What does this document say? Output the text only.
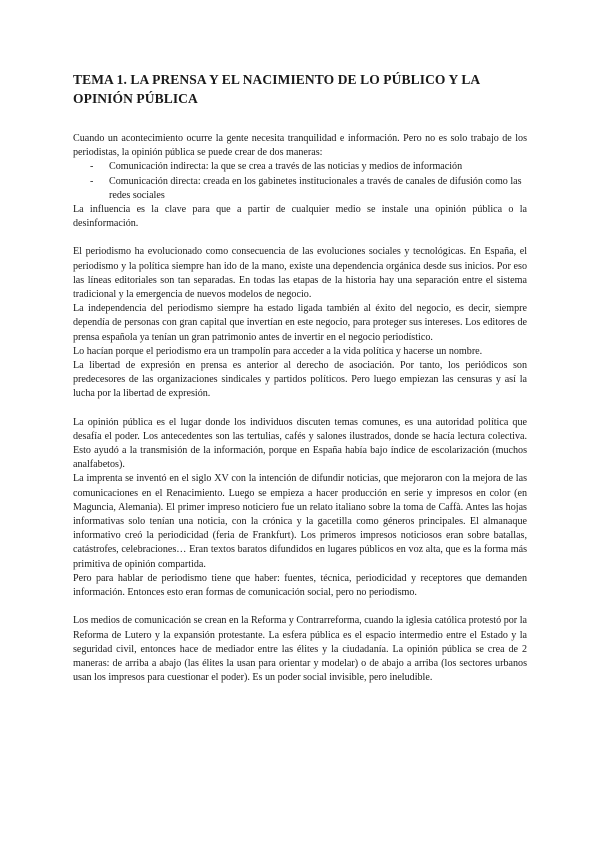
TEMA 1. LA PRENSA Y EL NACIMIENTO DE LO PÚBLICO Y LA OPINIÓN PÚBLICA

Cuando un acontecimiento ocurre la gente necesita tranquilidad e información. Pero no es solo trabajo de los periodistas, la opinión pública se puede crear de dos maneras:

- Comunicación indirecta: la que se crea a través de las noticias y medios de información
- Comunicación directa: creada en los gabinetes institucionales a través de canales de difusión como las redes sociales

La influencia es la clave para que a partir de cualquier medio se instale una opinión pública o la desinformación.

El periodismo ha evolucionado como consecuencia de las evoluciones sociales y tecnológicas. En España, el periodismo y la política siempre han ido de la mano, existe una dependencia orgánica desde sus inicios. Por eso las líneas editoriales son tan separadas. En todas las etapas de la historia hay una separación entre el sistema tradicional y la emergencia de nuevos modelos de negocio.

La independencia del periodismo siempre ha estado ligada también al éxito del negocio, es decir, siempre dependía de personas con gran capital que invertían en este negocio, para proteger sus intereses. Los editores de prensa española ya tenían un gran patrimonio antes de invertir en el negocio periodístico.

Lo hacían porque el periodismo era un trampolín para acceder a la vida política y hacerse un nombre.

La libertad de expresión en prensa es anterior al derecho de asociación. Por tanto, los periódicos son predecesores de las organizaciones sindicales y partidos políticos. Pero luego empiezan las censuras y así la lucha por la libertad de expresión.

La opinión pública es el lugar donde los individuos discuten temas comunes, es una autoridad política que desafía el poder. Los antecedentes son las tertulias, cafés y salones ilustrados, donde se hacía lectura colectiva. Esto ayudó a la transmisión de la información, porque en España había bajo índice de escolarización (muchos analfabetos).

La imprenta se inventó en el siglo XV con la intención de difundir noticias, que mejoraron con la mejora de las comunicaciones en el Renacimiento. Luego se empieza a hacer producción en serie y impresos en color (en Maguncia, Alemania). El primer impreso noticiero fue un relato italiano sobre la toma de Caffà. Antes las hojas informativas solo tenían una noticia, con la crónica y la gacetilla como géneros principales. El almanaque informativo creó la periodicidad (feria de Frankfurt). Los primeros impresos noticiosos eran sobre batallas, catástrofes, celebraciones… Eran textos baratos difundidos en lugares públicos en voz alta, que es la forma más primitiva de opinión compartida.

Pero para hablar de periodismo tiene que haber: fuentes, técnica, periodicidad y receptores que demanden información. Entonces esto eran formas de comunicación social, pero no periodismo.

Los medios de comunicación se crean en la Reforma y Contrarreforma, cuando la iglesia católica protestó por la Reforma de Lutero y la expansión protestante. La esfera pública es el espacio intermedio entre el Estado y la seguridad civil, entonces hace de mediador entre las élites y la ciudadanía. La opinión pública se crea de 2 maneras: de arriba a abajo (las élites la usan para orientar y modelar) o de abajo a arriba (los sectores urbanos usan los impresos para cuestionar el poder). Es un poder social invisible, pero ineludible.
